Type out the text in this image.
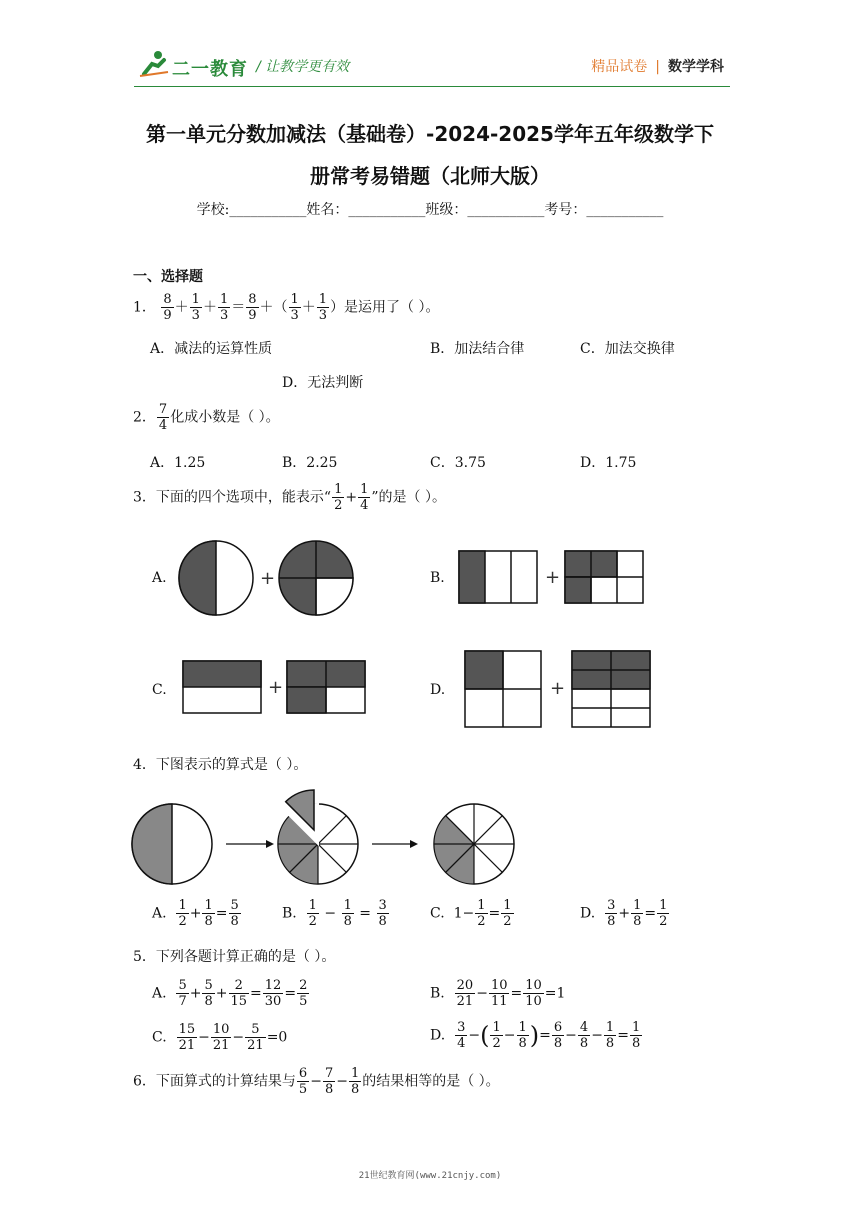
二一教育 / 让教学更有效	精品试卷 | 数学学科
第一单元分数加减法（基础卷）-2024-2025学年五年级数学下
册常考易错题（北师大版）
学校:___________姓名：___________班级：___________考号：___________
一、选择题
1． $\frac{8}{9} + \frac{1}{3} + \frac{1}{3} = \frac{8}{9}$ ＋（ $\frac{1}{3} + \frac{1}{3}$ ）是运用了（ ）。
A．减法的运算性质	B．加法结合律	C．加法交换律
D．无法判断
2． $\frac{7}{4}$ 化成小数是（ ）。
A．1.25	B．2.25	C．3.75	D．1.75
3．下面的四个选项中，能表示“ $\frac{1}{2} + \frac{1}{4}$ ”的是（ ）。
A.	+	B.	+
C.	+	D.	+
4．下图表示的算式是（ ）。
A. $\frac{1}{2} + \frac{1}{8} = \frac{5}{8}$	B. $\frac{1}{2} - \frac{1}{8} = \frac{3}{8}$	C.  $1- \frac{1}{2} = \frac{1}{2}$	D. $\frac{3}{8} + \frac{1}{8} = \frac{1}{2}$
5．下列各题计算正确的是（ ）。
A. $\frac{5}{7} + \frac{5}{8} + \frac{2}{15} = \frac{12}{30} = \frac{2}{5}$	B. $\frac{20}{21} - \frac{10}{11} = \frac{10}{10} =1$
C. $\frac{15}{21} - \frac{10}{21} - \frac{5}{21} =0$	D. $\frac{3}{4}$ −( $\frac{1}{2} - \frac{1}{8}$ )= $\frac{6}{8} - \frac{4}{8} - \frac{1}{8} = \frac{1}{8}$
6．下面算式的计算结果与 $\frac{6}{5} - \frac{7}{8} - \frac{1}{8}$ 的结果相等的是（ ）。
21世纪教育网(www.21cnjy.com)
